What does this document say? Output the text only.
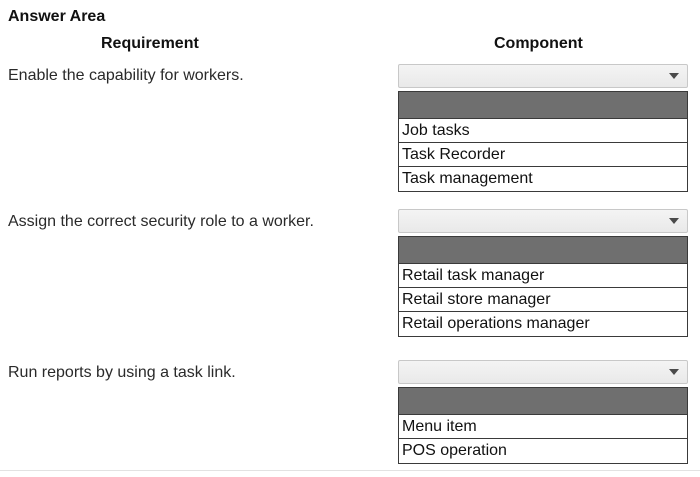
Answer Area
Requirement	Component
Enable the capability for workers.
Job tasks
Task Recorder
Task management
Assign the correct security role to a worker.
Retail task manager
Retail store manager
Retail operations manager
Run reports by using a task link.
Menu item
POS operation
